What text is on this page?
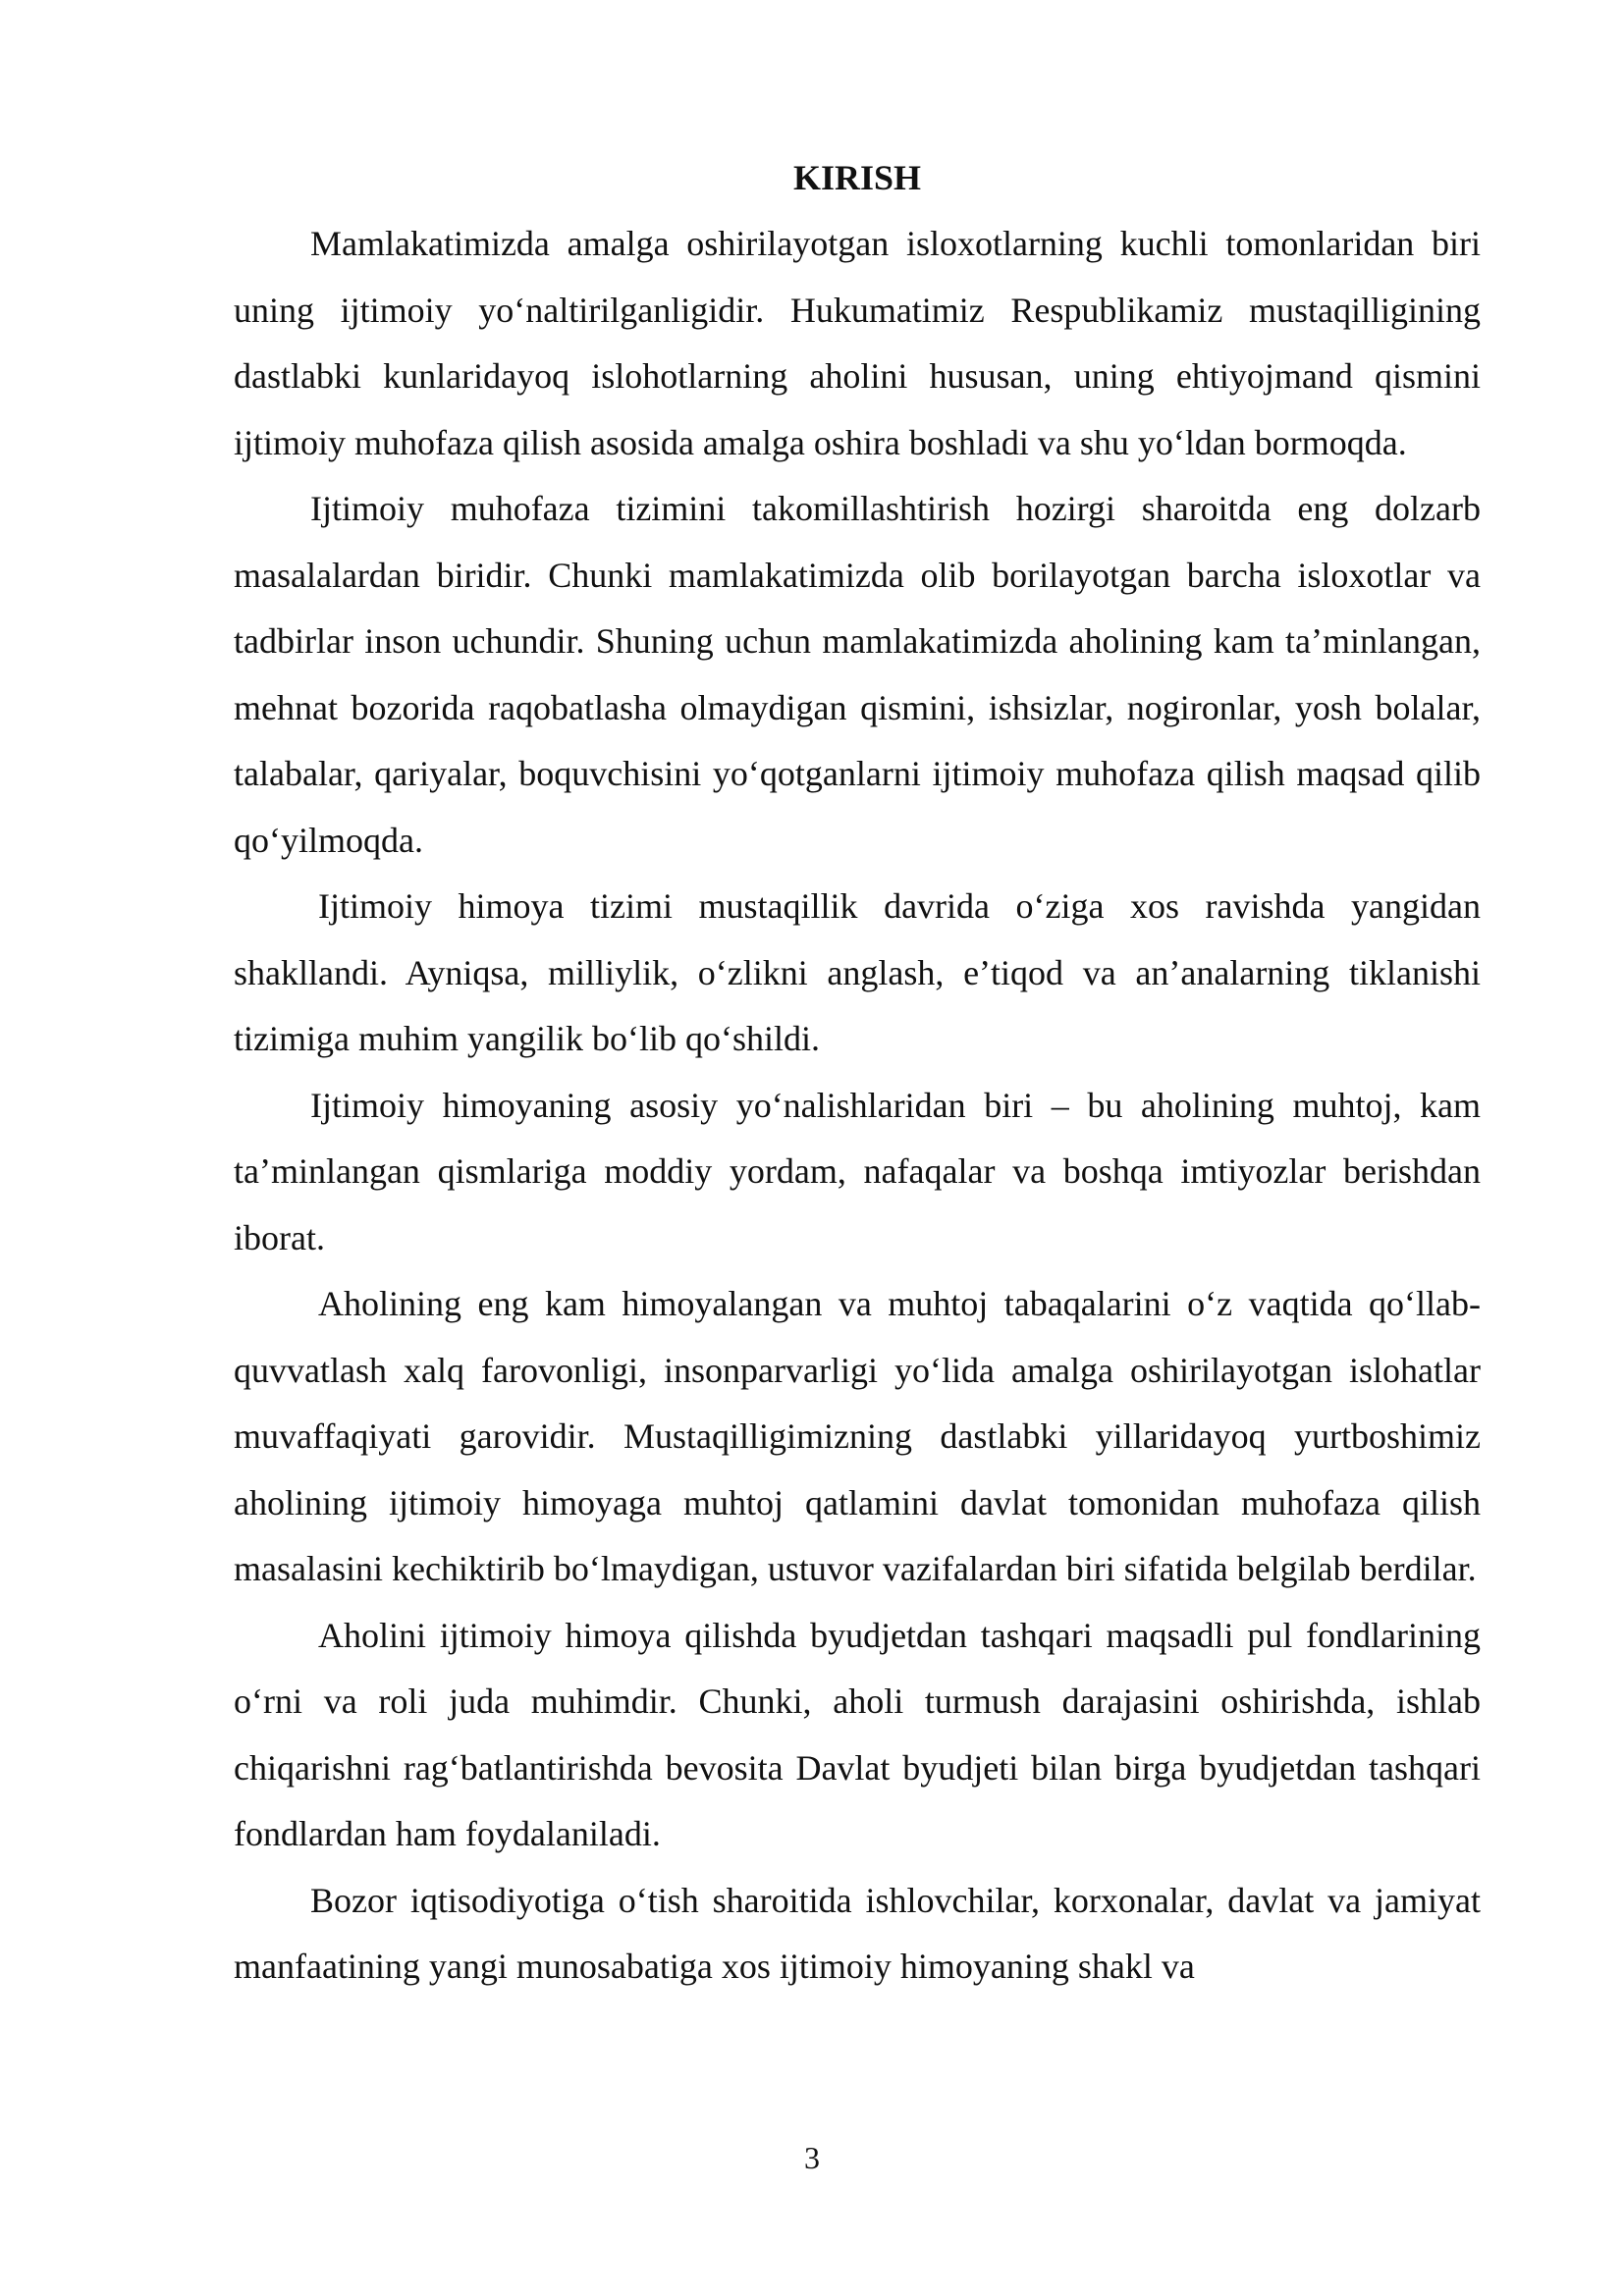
KIRISH

Mamlakatimizda amalga oshirilayotgan isloxotlarning kuchli tomonlaridan biri uning ijtimoiy yoʻnaltirilganligidir. Hukumatimiz Respublikamiz mustaqilligining dastlabki kunlaridayoq islohotlarning aholini hususan, uning ehtiyojmand qismini ijtimoiy muhofaza qilish asosida amalga oshira boshladi va shu yoʻldan bormoqda.

Ijtimoiy muhofaza tizimini takomillashtirish hozirgi sharoitda eng dolzarb masalalardan biridir. Chunki mamlakatimizda olib borilayotgan barcha isloxotlar va tadbirlar inson uchundir. Shuning uchun mamlakatimizda aholining kam taʼminlangan, mehnat bozorida raqobatlasha olmaydigan qismini, ishsizlar, nogironlar, yosh bolalar, talabalar, qariyalar, boquvchisini yoʻqotganlarni ijtimoiy muhofaza qilish maqsad qilib qoʻyilmoqda.

Ijtimoiy himoya tizimi mustaqillik davrida oʻziga xos ravishda yangidan shakllandi. Ayniqsa, milliylik, oʻzlikni anglash, eʼtiqod va anʼanalarning tiklanishi tizimiga muhim yangilik boʻlib qoʻshildi.

Ijtimoiy himoyaning asosiy yoʻnalishlaridan biri – bu aholining muhtoj, kam taʼminlangan qismlariga moddiy yordam, nafaqalar va boshqa imtiyozlar berishdan iborat.

Aholining eng kam himoyalangan va muhtoj tabaqalarini oʻz vaqtida qoʻllab-quvvatlash xalq farovonligi, insonparvarligi yoʻlida amalga oshirilayotgan islohatlar muvaffaqiyati garovidir. Mustaqilligimizning dastlabki yillaridayoq yurtboshimiz aholining ijtimoiy himoyaga muhtoj qatlamini davlat tomonidan muhofaza qilish masalasini kechiktirib boʻlmaydigan, ustuvor vazifalardan biri sifatida belgilab berdilar.

Aholini ijtimoiy himoya qilishda byudjetdan tashqari maqsadli pul fondlarining oʻrni va roli juda muhimdir. Chunki, aholi turmush darajasini oshirishda, ishlab chiqarishni ragʻbatlantirishda bevosita Davlat byudjeti bilan birga byudjetdan tashqari fondlardan ham foydalaniladi.

Bozor iqtisodiyotiga oʻtish sharoitida ishlovchilar, korxonalar, davlat va jamiyat manfaatining yangi munosabatiga xos ijtimoiy himoyaning shakl va

3
